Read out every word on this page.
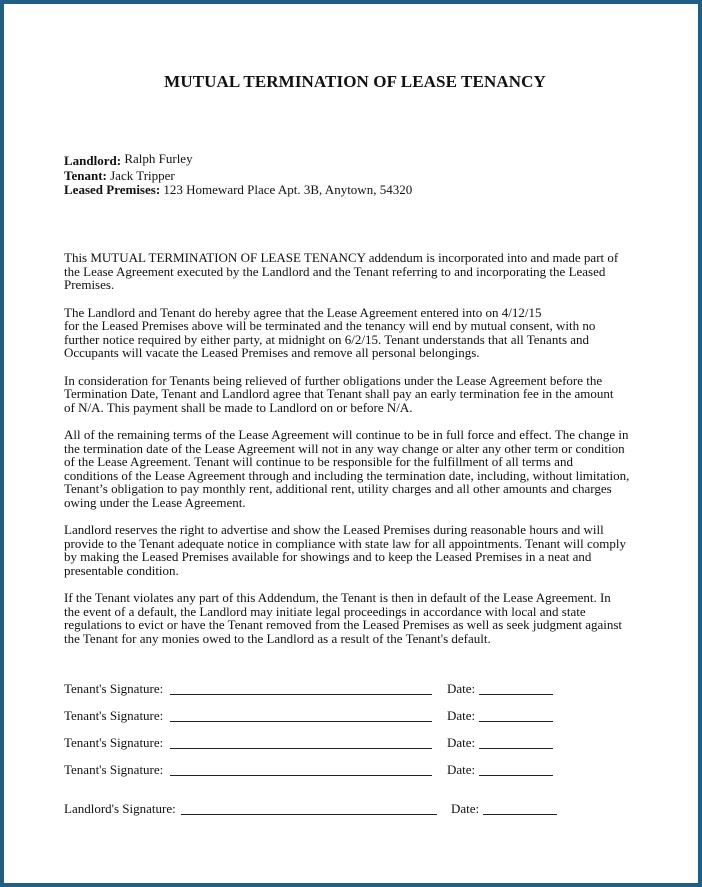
MUTUAL TERMINATION OF LEASE TENANCY
Landlord: Ralph Furley
Tenant: Jack Tripper
Leased Premises: 123 Homeward Place Apt. 3B, Anytown, 54320

This MUTUAL TERMINATION OF LEASE TENANCY addendum is incorporated into and made part of
the Lease Agreement executed by the Landlord and the Tenant referring to and incorporating the Leased
Premises.

The Landlord and Tenant do hereby agree that the Lease Agreement entered into on 4/12/15
for the Leased Premises above will be terminated and the tenancy will end by mutual consent, with no
further notice required by either party, at midnight on 6/2/15. Tenant understands that all Tenants and
Occupants will vacate the Leased Premises and remove all personal belongings.

In consideration for Tenants being relieved of further obligations under the Lease Agreement before the
Termination Date, Tenant and Landlord agree that Tenant shall pay an early termination fee in the amount
of N/A. This payment shall be made to Landlord on or before N/A.

All of the remaining terms of the Lease Agreement will continue to be in full force and effect. The change in
the termination date of the Lease Agreement will not in any way change or alter any other term or condition
of the Lease Agreement. Tenant will continue to be responsible for the fulfillment of all terms and
conditions of the Lease Agreement through and including the termination date, including, without limitation,
Tenant’s obligation to pay monthly rent, additional rent, utility charges and all other amounts and charges
owing under the Lease Agreement.

Landlord reserves the right to advertise and show the Leased Premises during reasonable hours and will
provide to the Tenant adequate notice in compliance with state law for all appointments. Tenant will comply
by making the Leased Premises available for showings and to keep the Leased Premises in a neat and
presentable condition.

If the Tenant violates any part of this Addendum, the Tenant is then in default of the Lease Agreement. In
the event of a default, the Landlord may initiate legal proceedings in accordance with local and state
regulations to evict or have the Tenant removed from the Leased Premises as well as seek judgment against
the Tenant for any monies owed to the Landlord as a result of the Tenant's default.

Tenant's Signature:	Date:
Tenant's Signature:	Date:
Tenant's Signature:	Date:
Tenant's Signature:	Date:
Landlord's Signature:	Date:
